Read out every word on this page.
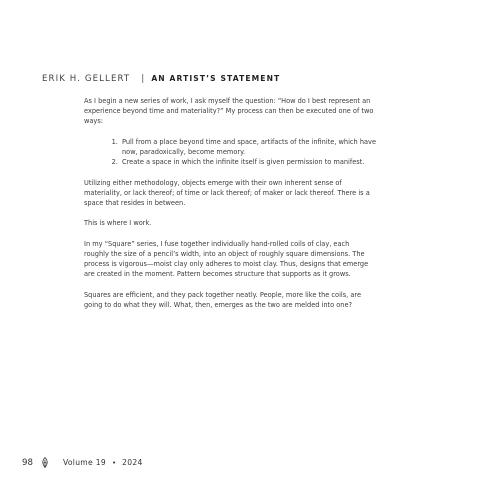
ERIK H. GELLERT | AN ARTIST’S STATEMENT

As I begin a new series of work, I ask myself the question: “How do I best represent an experience beyond time and materiality?” My process can then be executed one of two ways:

1. Pull from a place beyond time and space, artifacts of the infinite, which have now, paradoxically, become memory.
2. Create a space in which the infinite itself is given permission to manifest.

Utilizing either methodology, objects emerge with their own inherent sense of materiality, or lack thereof; of time or lack thereof; of maker or lack thereof. There is a space that resides in between.

This is where I work.

In my “Square” series, I fuse together individually hand-rolled coils of clay, each roughly the size of a pencil’s width, into an object of roughly square dimensions. The process is vigorous—moist clay only adheres to moist clay. Thus, designs that emerge are created in the moment. Pattern becomes structure that supports as it grows.

Squares are efficient, and they pack together neatly. People, more like the coils, are going to do what they will. What, then, emerges as the two are melded into one?

98	Volume 19 • 2024
